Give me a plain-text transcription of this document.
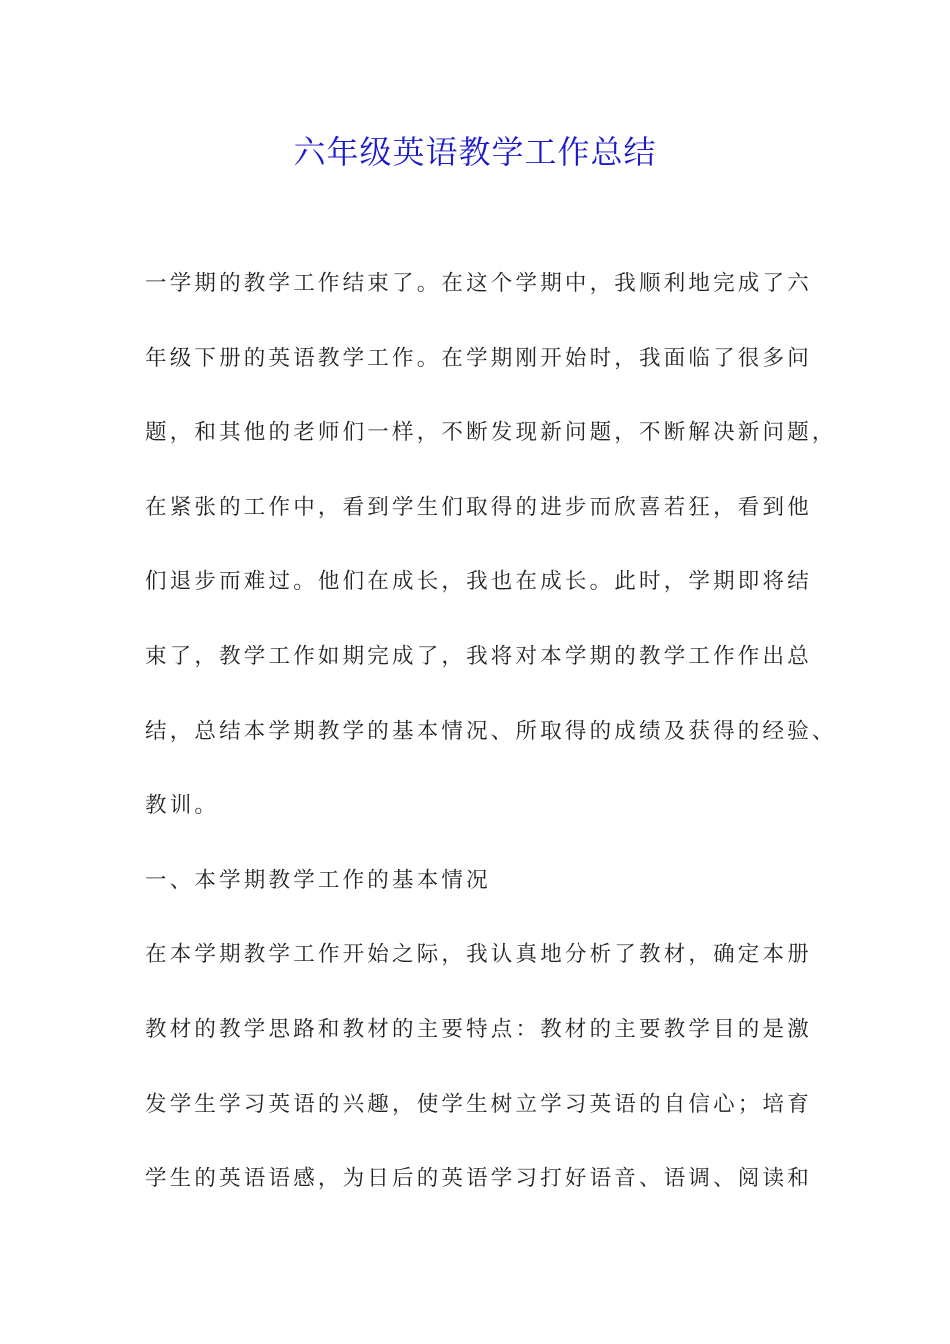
六年级英语教学工作总结
一学期的教学工作结束了。在这个学期中，我顺利地完成了六
年级下册的英语教学工作。在学期刚开始时，我面临了很多问
题，和其他的老师们一样，不断发现新问题，不断解决新问题，
在紧张的工作中，看到学生们取得的进步而欣喜若狂，看到他
们退步而难过。他们在成长，我也在成长。此时，学期即将结
束了，教学工作如期完成了，我将对本学期的教学工作作出总
结，总结本学期教学的基本情况、所取得的成绩及获得的经验、
教训。
一、本学期教学工作的基本情况
在本学期教学工作开始之际，我认真地分析了教材，确定本册
教材的教学思路和教材的主要特点：教材的主要教学目的是激
发学生学习英语的兴趣，使学生树立学习英语的自信心；培育
学生的英语语感，为日后的英语学习打好语音、语调、阅读和
